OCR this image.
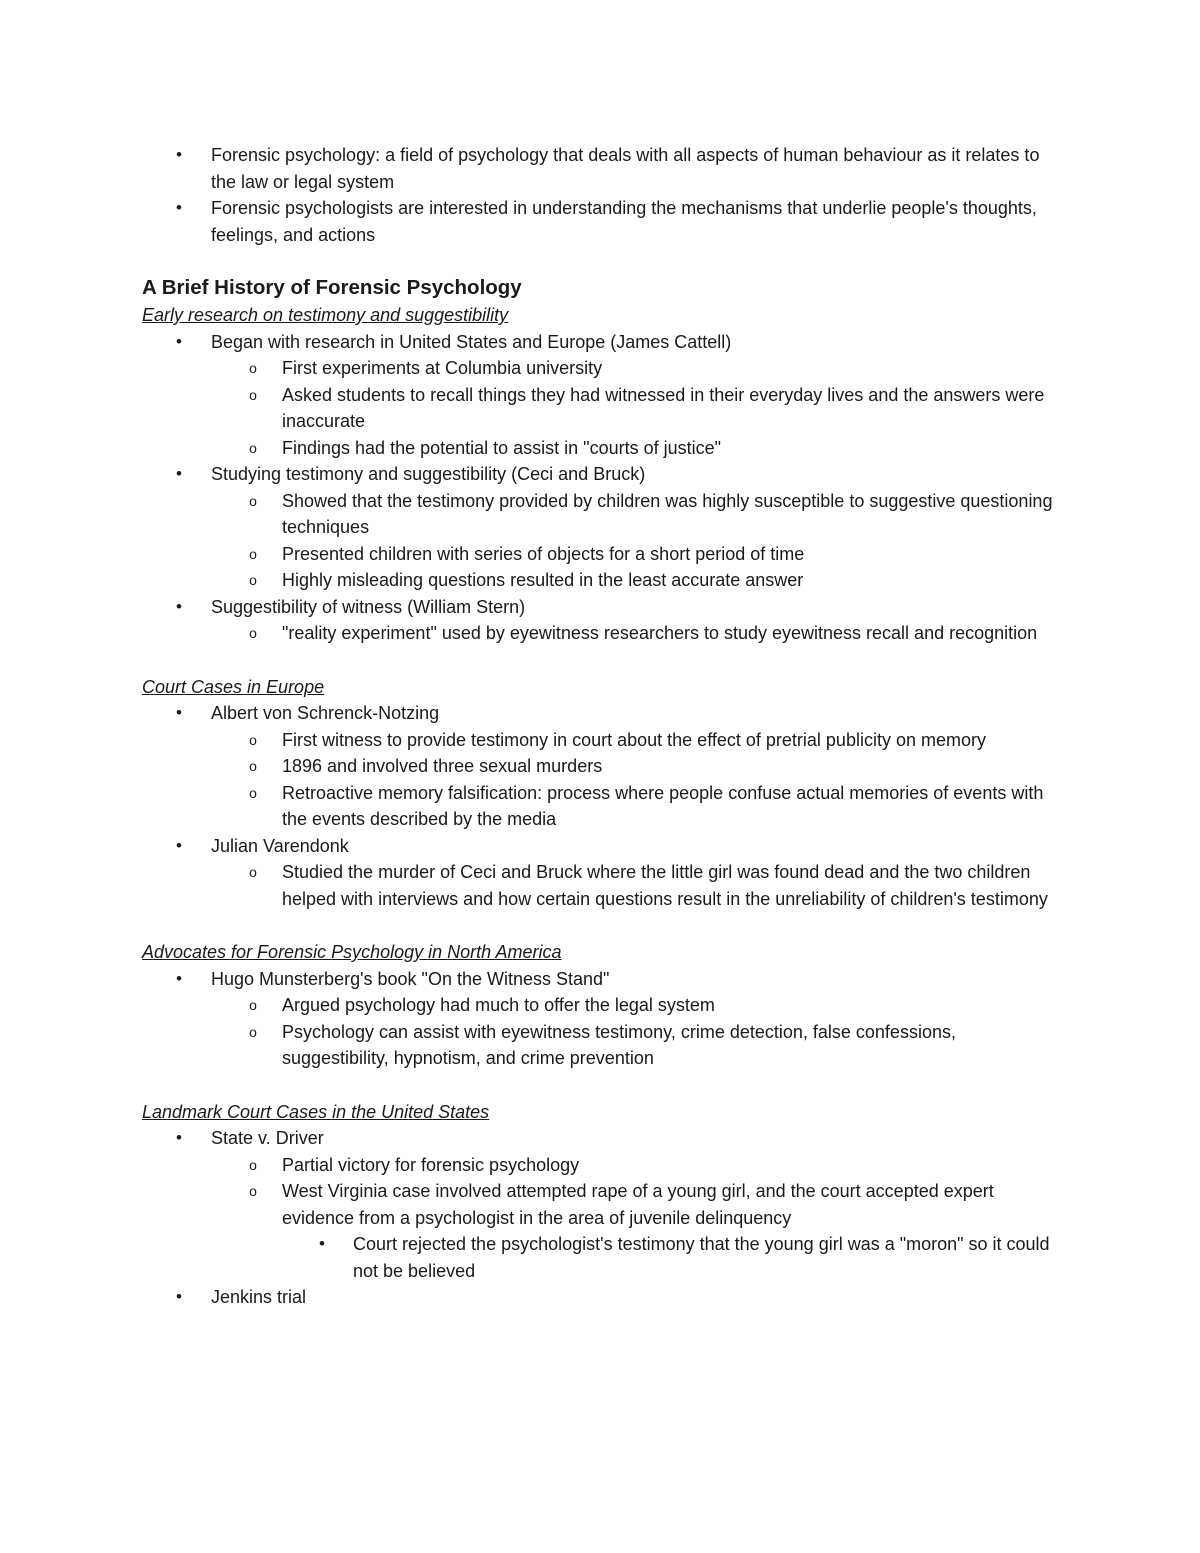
• Forensic psychology: a field of psychology that deals with all aspects of human behaviour as it relates to the law or legal system
• Forensic psychologists are interested in understanding the mechanisms that underlie people's thoughts, feelings, and actions
A Brief History of Forensic Psychology
Early research on testimony and suggestibility
• Began with research in United States and Europe (James Cattell)
o First experiments at Columbia university
o Asked students to recall things they had witnessed in their everyday lives and the answers were inaccurate
o Findings had the potential to assist in "courts of justice"
• Studying testimony and suggestibility (Ceci and Bruck)
o Showed that the testimony provided by children was highly susceptible to suggestive questioning techniques
o Presented children with series of objects for a short period of time
o Highly misleading questions resulted in the least accurate answer
• Suggestibility of witness (William Stern)
o "reality experiment" used by eyewitness researchers to study eyewitness recall and recognition
Court Cases in Europe
• Albert von Schrenck-Notzing
o First witness to provide testimony in court about the effect of pretrial publicity on memory
o 1896 and involved three sexual murders
o Retroactive memory falsification: process where people confuse actual memories of events with the events described by the media
• Julian Varendonk
o Studied the murder of Ceci and Bruck where the little girl was found dead and the two children helped with interviews and how certain questions result in the unreliability of children's testimony
Advocates for Forensic Psychology in North America
• Hugo Munsterberg's book "On the Witness Stand"
o Argued psychology had much to offer the legal system
o Psychology can assist with eyewitness testimony, crime detection, false confessions, suggestibility, hypnotism, and crime prevention
Landmark Court Cases in the United States
• State v. Driver
o Partial victory for forensic psychology
o West Virginia case involved attempted rape of a young girl, and the court accepted expert evidence from a psychologist in the area of juvenile delinquency
• Court rejected the psychologist's testimony that the young girl was a "moron" so it could not be believed
• Jenkins trial
